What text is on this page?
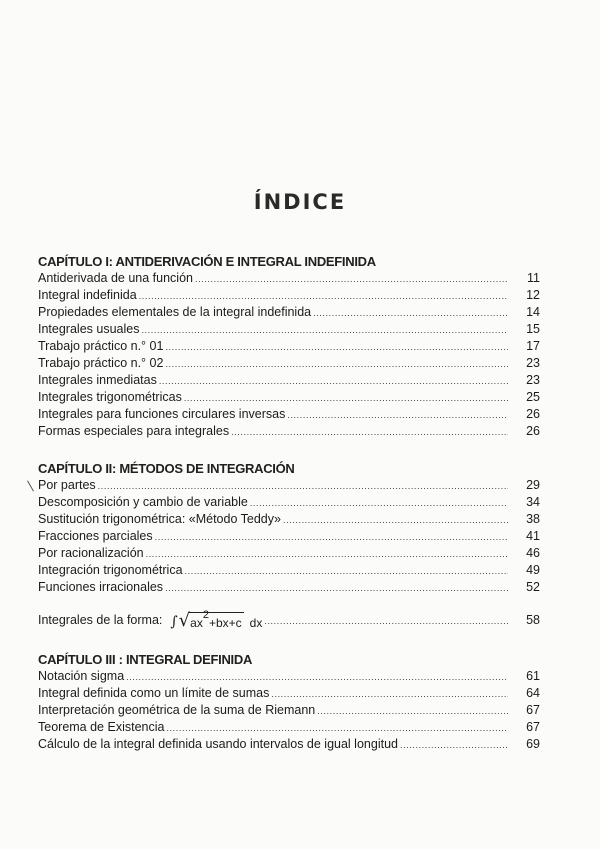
ÍNDICE
CAPÍTULO I: ANTIDERIVACIÓN E INTEGRAL INDEFINIDA
Antiderivada de una función .....	11
Integral indefinida .....	12
Propiedades elementales de la integral indefinida .....	14
Integrales usuales .....	15
Trabajo práctico n.° 01 .....	17
Trabajo práctico n.° 02 .....	23
Integrales inmediatas .....	23
Integrales trigonométricas .....	25
Integrales para funciones circulares inversas .....	26
Formas especiales para integrales .....	26
CAPÍTULO II: MÉTODOS DE INTEGRACIÓN
Por partes .....	29
Descomposición y cambio de variable .....	34
Sustitución trigonométrica: «Método Teddy» .....	38
Fracciones parciales .....	41
Por racionalización .....	46
Integración trigonométrica .....	49
Funciones irracionales .....	52
Integrales de la forma: ∫ √ $ax^2+bx+c$ dx .....	58
CAPÍTULO III : INTEGRAL DEFINIDA
Notación sigma .....	61
Integral definida como un límite de sumas .....	64
Interpretación geométrica de la suma de Riemann .....	67
Teorema de Existencia .....	67
Cálculo de la integral definida usando intervalos de igual longitud .....	69
